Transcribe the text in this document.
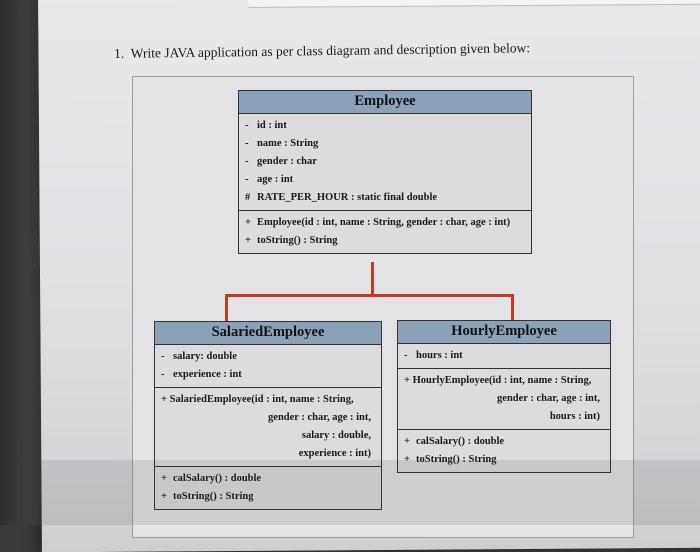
1. Write JAVA application as per class diagram and description given below:
Employee
- id : int
- name : String
- gender : char
- age : int
# RATE_PER_HOUR : static final double
+ Employee(id : int, name : String, gender : char, age : int)
+ toString() : String
SalariedEmployee
- salary: double
- experience : int
+ SalariedEmployee(id : int, name : String,
gender : char, age : int,
salary : double,
experience : int)
+ calSalary() : double
+ toString() : String
HourlyEmployee
- hours : int
+ HourlyEmployee(id : int, name : String,
gender : char, age : int,
hours : int)
+ calSalary() : double
+ toString() : String
